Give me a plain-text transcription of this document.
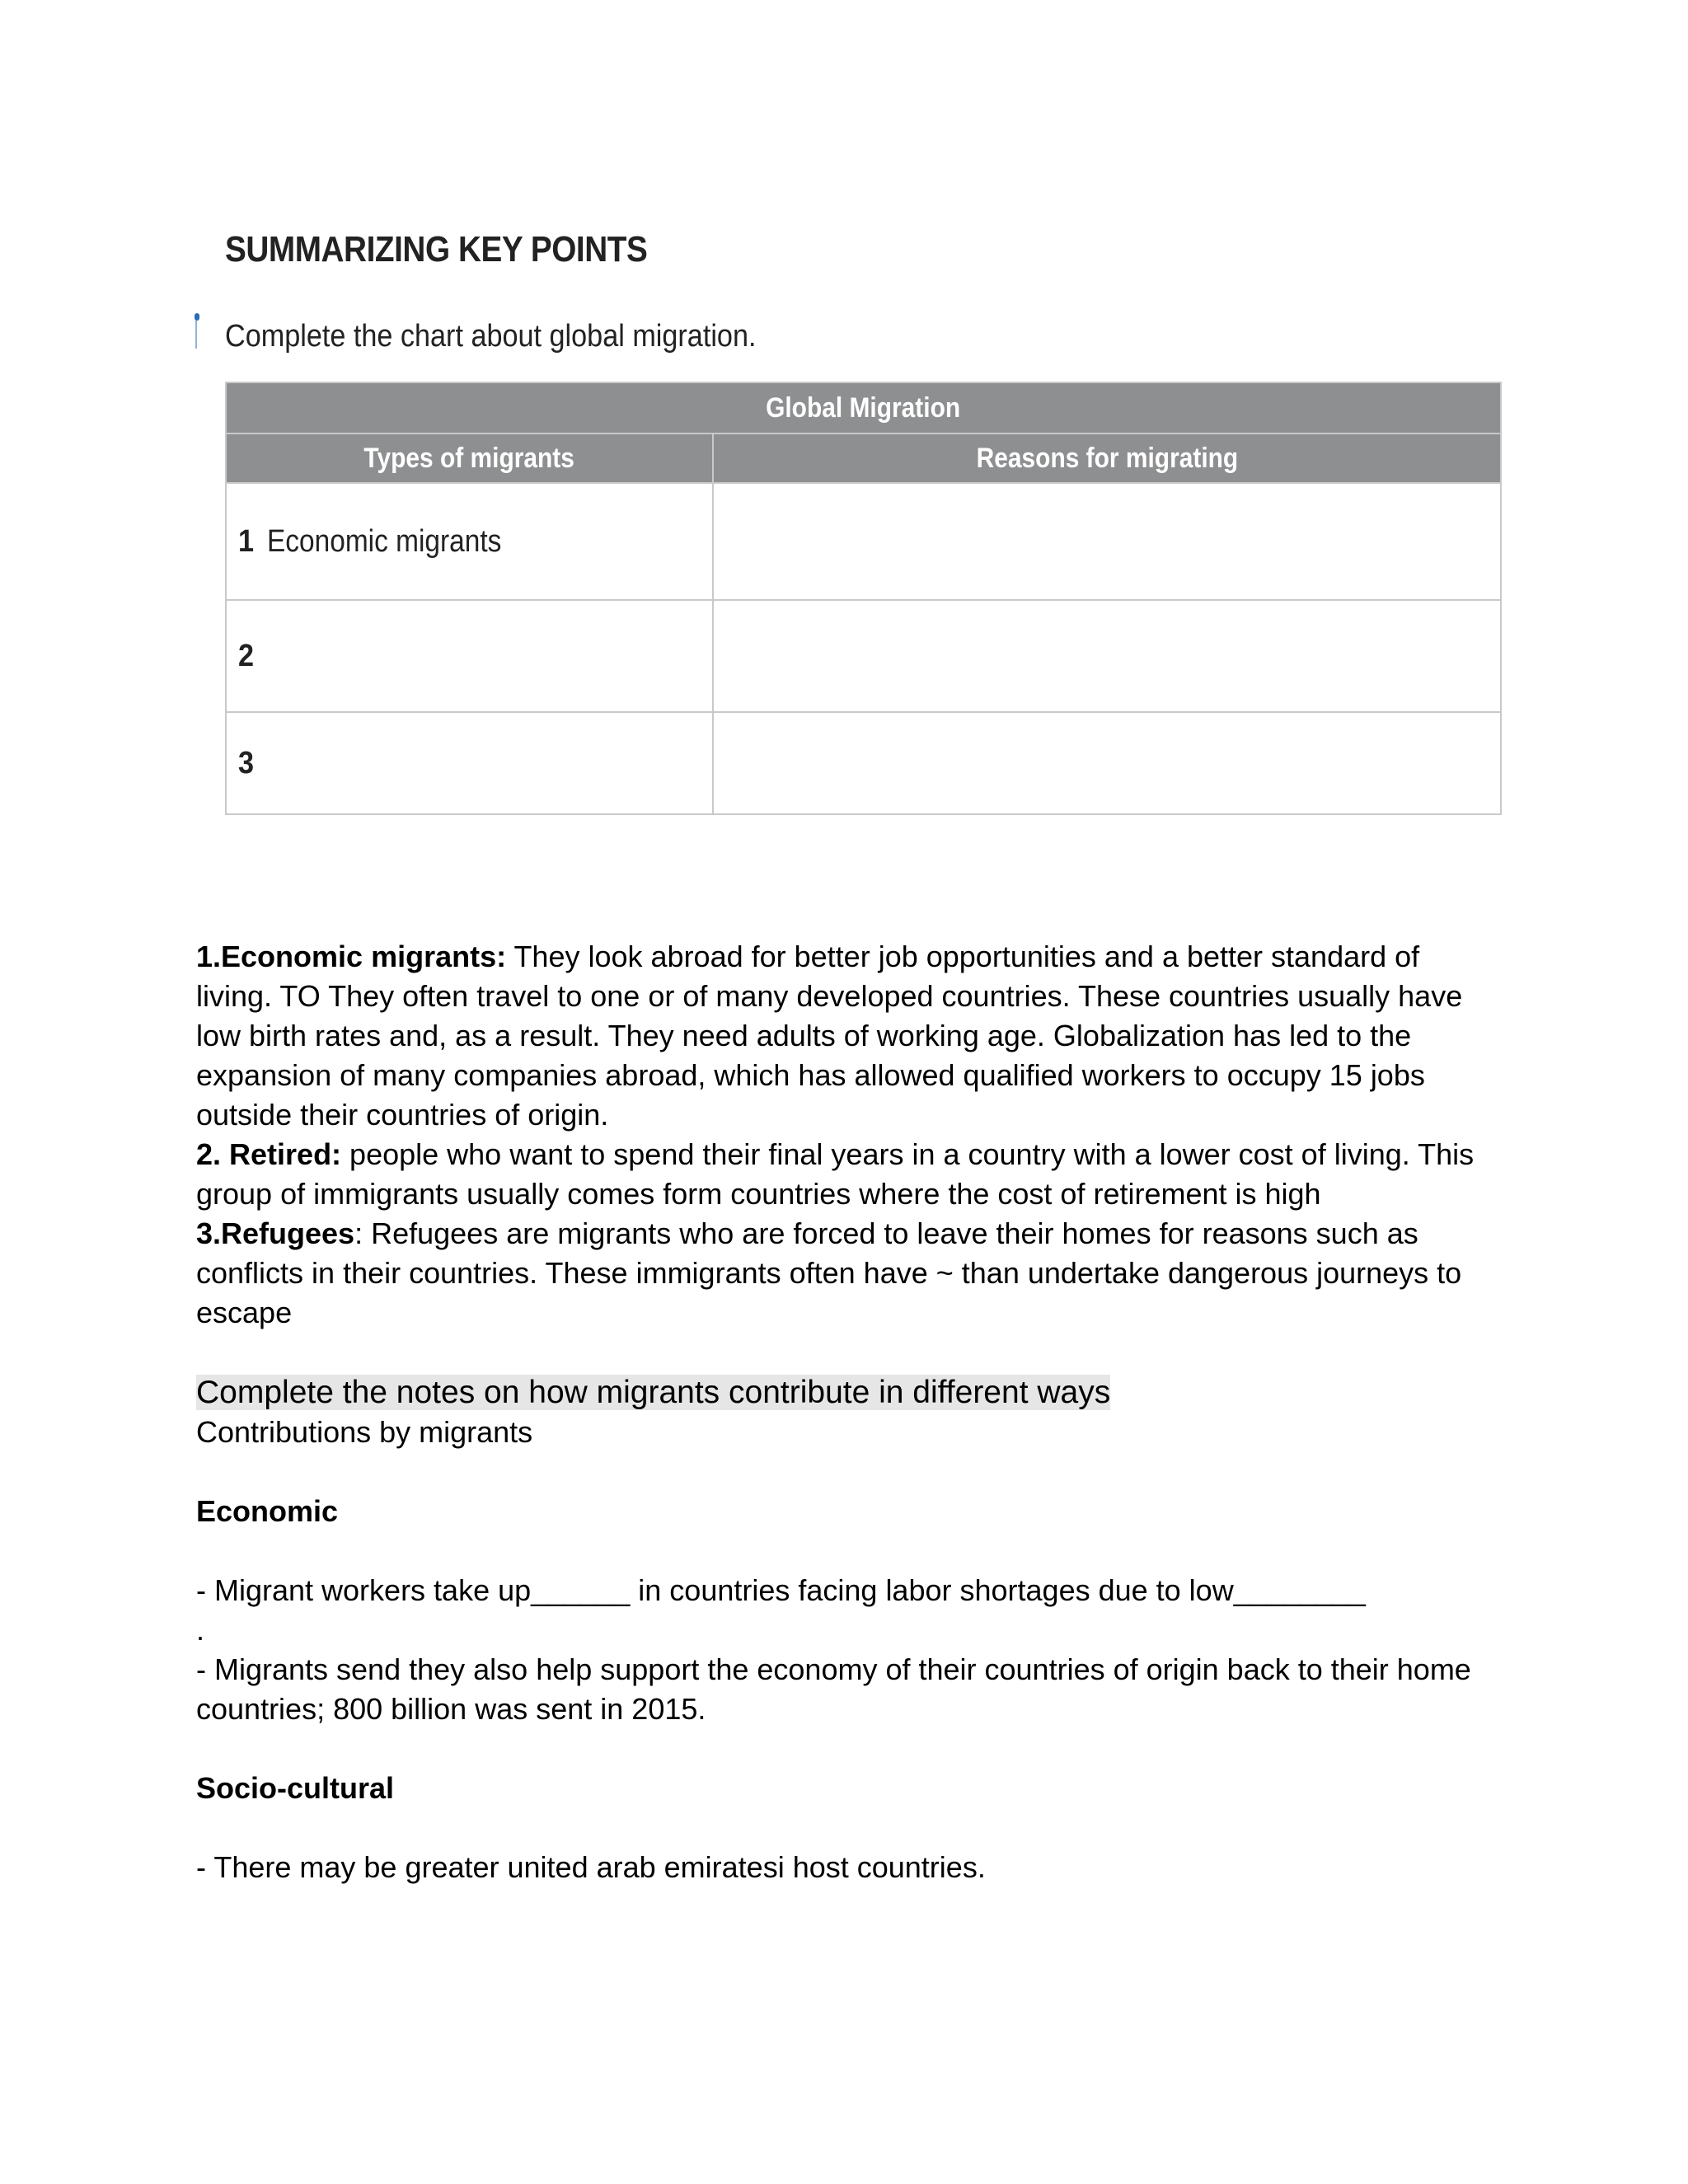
SUMMARIZING KEY POINTS
Complete the chart about global migration.
Global Migration	
Types of migrants	Reasons for migrating
1 Economic migrants	
2	
3	

1.Economic migrants: They look abroad for better job opportunities and a better standard of living. TO They often travel to one or of many developed countries. These countries usually have low birth rates and, as a result. They need adults of working age. Globalization has led to the expansion of many companies abroad, which has allowed qualified workers to occupy 15 jobs outside their countries of origin.

2. Retired: people who want to spend their final years in a country with a lower cost of living. This group of immigrants usually comes form countries where the cost of retirement is high

3.Refugees: Refugees are migrants who are forced to leave their homes for reasons such as conflicts in their countries. These immigrants often have ~ than undertake dangerous journeys to escape

Complete the notes on how migrants contribute in different ways

Contributions by migrants

Economic

- Migrant workers take up______ in countries facing labor shortages due to low________

.

- Migrants send they also help support the economy of their countries of origin back to their home countries; 800 billion was sent in 2015.

Socio-cultural

- There may be greater united arab emiratesi host countries.
